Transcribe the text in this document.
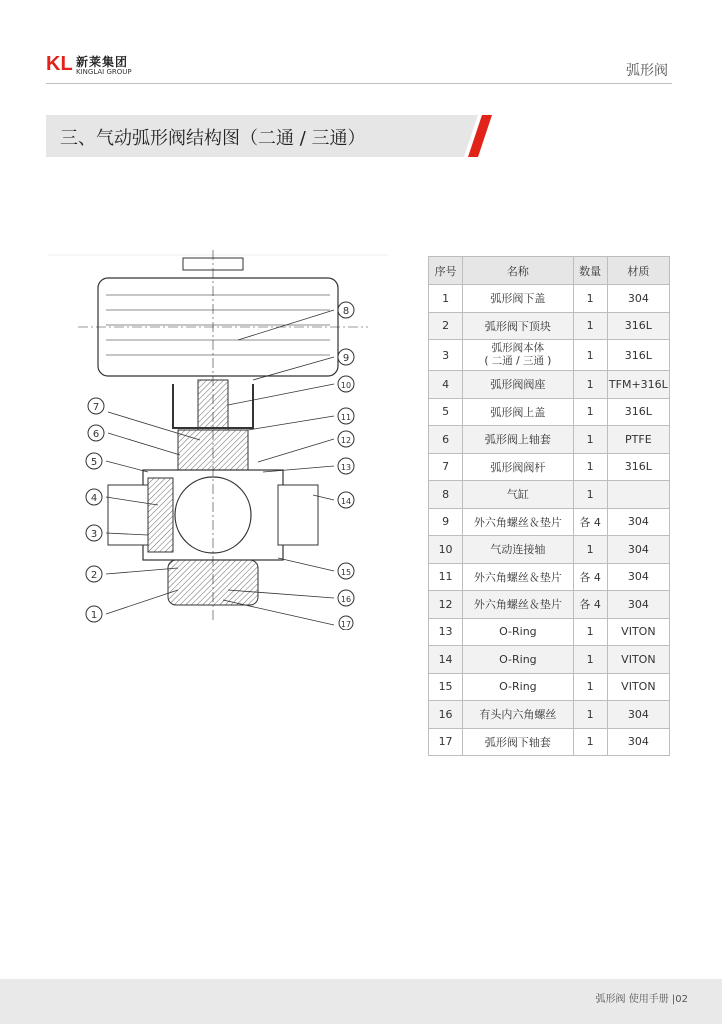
KL 新莱集团
KINGLAI GROUP	弧形阀
三、气动弧形阀结构图（二通 / 三通）
7
6
5
4
3
2
1
8
9
10
11
12
13
14
15
16
17
序号	名称	数量	材质
1	弧形阀下盖	1	304
2	弧形阀下顶块	1	316L
3	弧形阀本体
( 二通 / 三通 )	1	316L
4	弧形阀阀座	1	TFM+316L
5	弧形阀上盖	1	316L
6	弧形阀上轴套	1	PTFE
7	弧形阀阀杆	1	316L
8	气缸	1	
9	外六角螺丝＆垫片	各 4	304
10	气动连接轴	1	304
11	外六角螺丝＆垫片	各 4	304
12	外六角螺丝＆垫片	各 4	304
13	O-Ring	1	VITON
14	O-Ring	1	VITON
15	O-Ring	1	VITON
16	有头内六角螺丝	1	304
17	弧形阀下轴套	1	304
弧形阀 使用手册 |02
